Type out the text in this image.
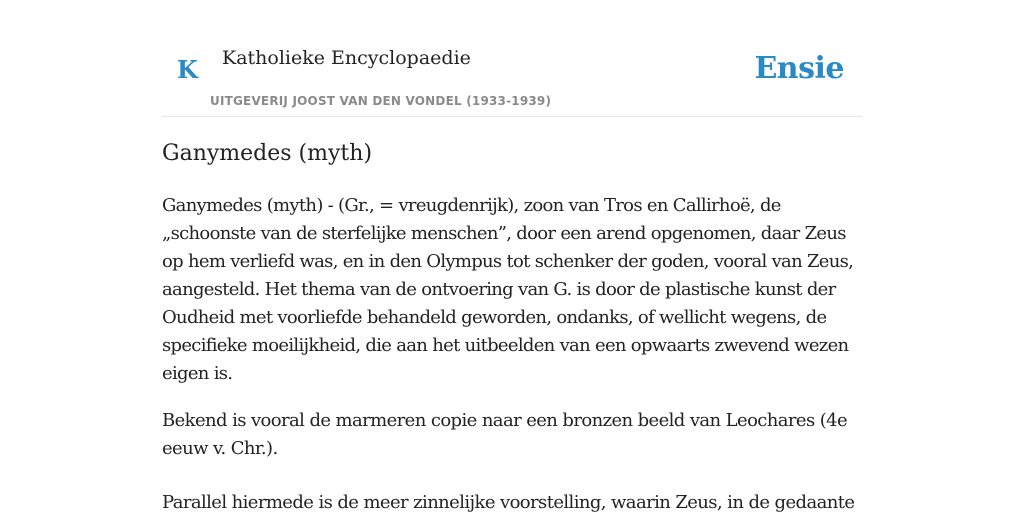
K Katholieke Encyclopaedie
UITGEVERIJ JOOST VAN DEN VONDEL (1933-1939)
Ensie
Ganymedes (myth)

Ganymedes (myth) - (Gr., = vreugdenrijk), zoon van Tros en Callirhoë, de „schoonste van de sterfelijke menschen”, door een arend opgenomen, daar Zeus op hem verliefd was, en in den Olympus tot schenker der goden, vooral van Zeus, aangesteld. Het thema van de ontvoering van G. is door de plastische kunst der Oudheid met voorliefde behandeld geworden, ondanks, of wellicht wegens, de specifieke moeilijkheid, die aan het uitbeelden van een opwaarts zwevend wezen eigen is.

Bekend is vooral de marmeren copie naar een bronzen beeld van Leochares (4e eeuw v. Chr.).

Parallel hiermede is de meer zinnelijke voorstelling, waarin Zeus, in de gedaante
